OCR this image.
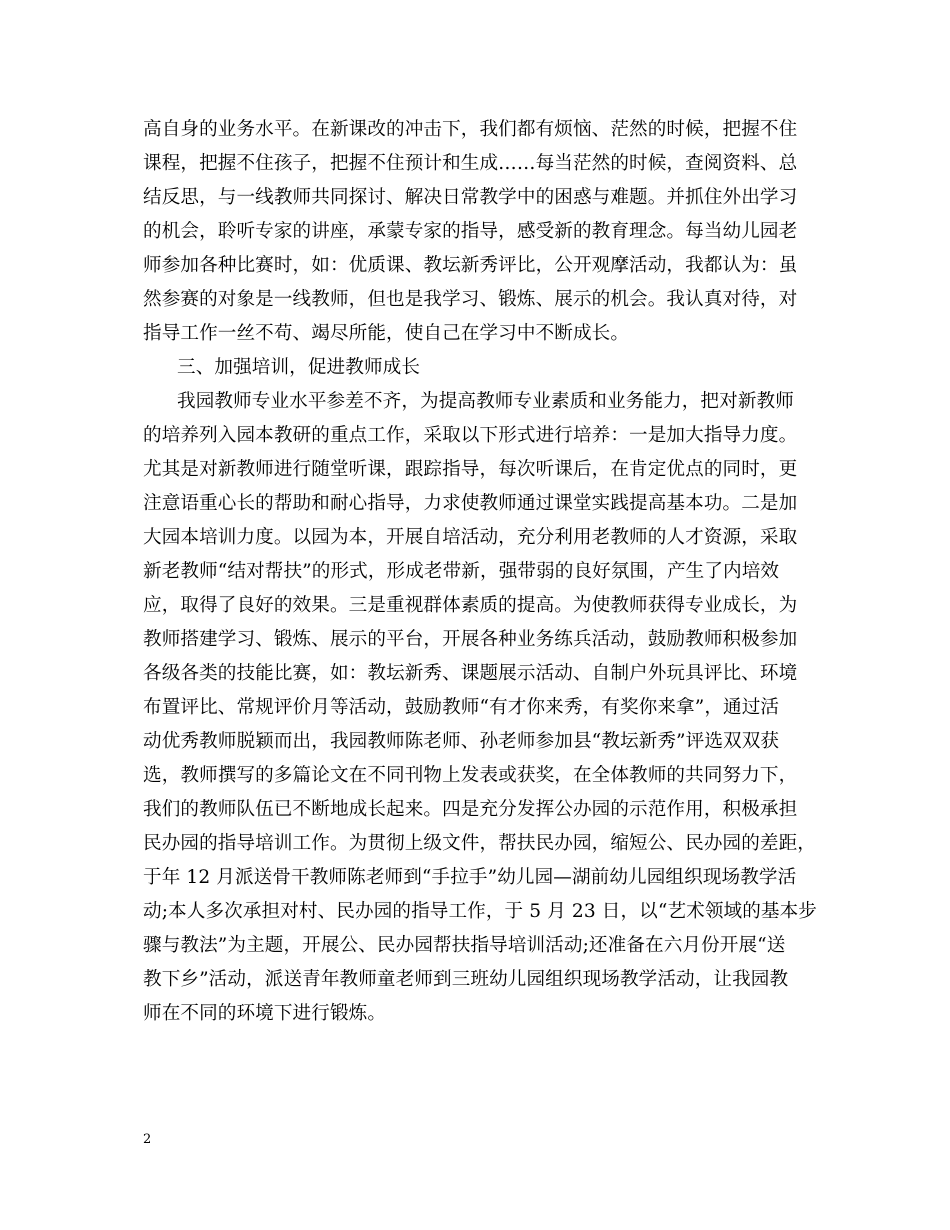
高自身的业务水平。在新课改的冲击下，我们都有烦恼、茫然的时候，把握不住
课程，把握不住孩子，把握不住预计和生成……每当茫然的时候，查阅资料、总
结反思，与一线教师共同探讨、解决日常教学中的困惑与难题。并抓住外出学习
的机会，聆听专家的讲座，承蒙专家的指导，感受新的教育理念。每当幼儿园老
师参加各种比赛时，如：优质课、教坛新秀评比，公开观摩活动，我都认为：虽
然参赛的对象是一线教师，但也是我学习、锻炼、展示的机会。我认真对待，对
指导工作一丝不苟、竭尽所能，使自己在学习中不断成长。
三、加强培训，促进教师成长
我园教师专业水平参差不齐，为提高教师专业素质和业务能力，把对新教师
的培养列入园本教研的重点工作，采取以下形式进行培养：一是加大指导力度。
尤其是对新教师进行随堂听课，跟踪指导，每次听课后，在肯定优点的同时，更
注意语重心长的帮助和耐心指导，力求使教师通过课堂实践提高基本功。二是加
大园本培训力度。以园为本，开展自培活动，充分利用老教师的人才资源，采取
新老教师“结对帮扶”的形式，形成老带新，强带弱的良好氛围，产生了内培效
应，取得了良好的效果。三是重视群体素质的提高。为使教师获得专业成长，为
教师搭建学习、锻炼、展示的平台，开展各种业务练兵活动，鼓励教师积极参加
各级各类的技能比赛，如：教坛新秀、课题展示活动、自制户外玩具评比、环境
布置评比、常规评价月等活动，鼓励教师“有才你来秀，有奖你来拿”，通过活
动优秀教师脱颖而出，我园教师陈老师、孙老师参加县“教坛新秀”评选双双获
选，教师撰写的多篇论文在不同刊物上发表或获奖，在全体教师的共同努力下，
我们的教师队伍已不断地成长起来。四是充分发挥公办园的示范作用，积极承担
民办园的指导培训工作。为贯彻上级文件，帮扶民办园，缩短公、民办园的差距，
于年 12 月派送骨干教师陈老师到“手拉手”幼儿园—湖前幼儿园组织现场教学活
动;本人多次承担对村、民办园的指导工作，于 5 月 23 日，以“艺术领域的基本步
骤与教法”为主题，开展公、民办园帮扶指导培训活动;还准备在六月份开展“送
教下乡”活动，派送青年教师童老师到三班幼儿园组织现场教学活动，让我园教
师在不同的环境下进行锻炼。
2
